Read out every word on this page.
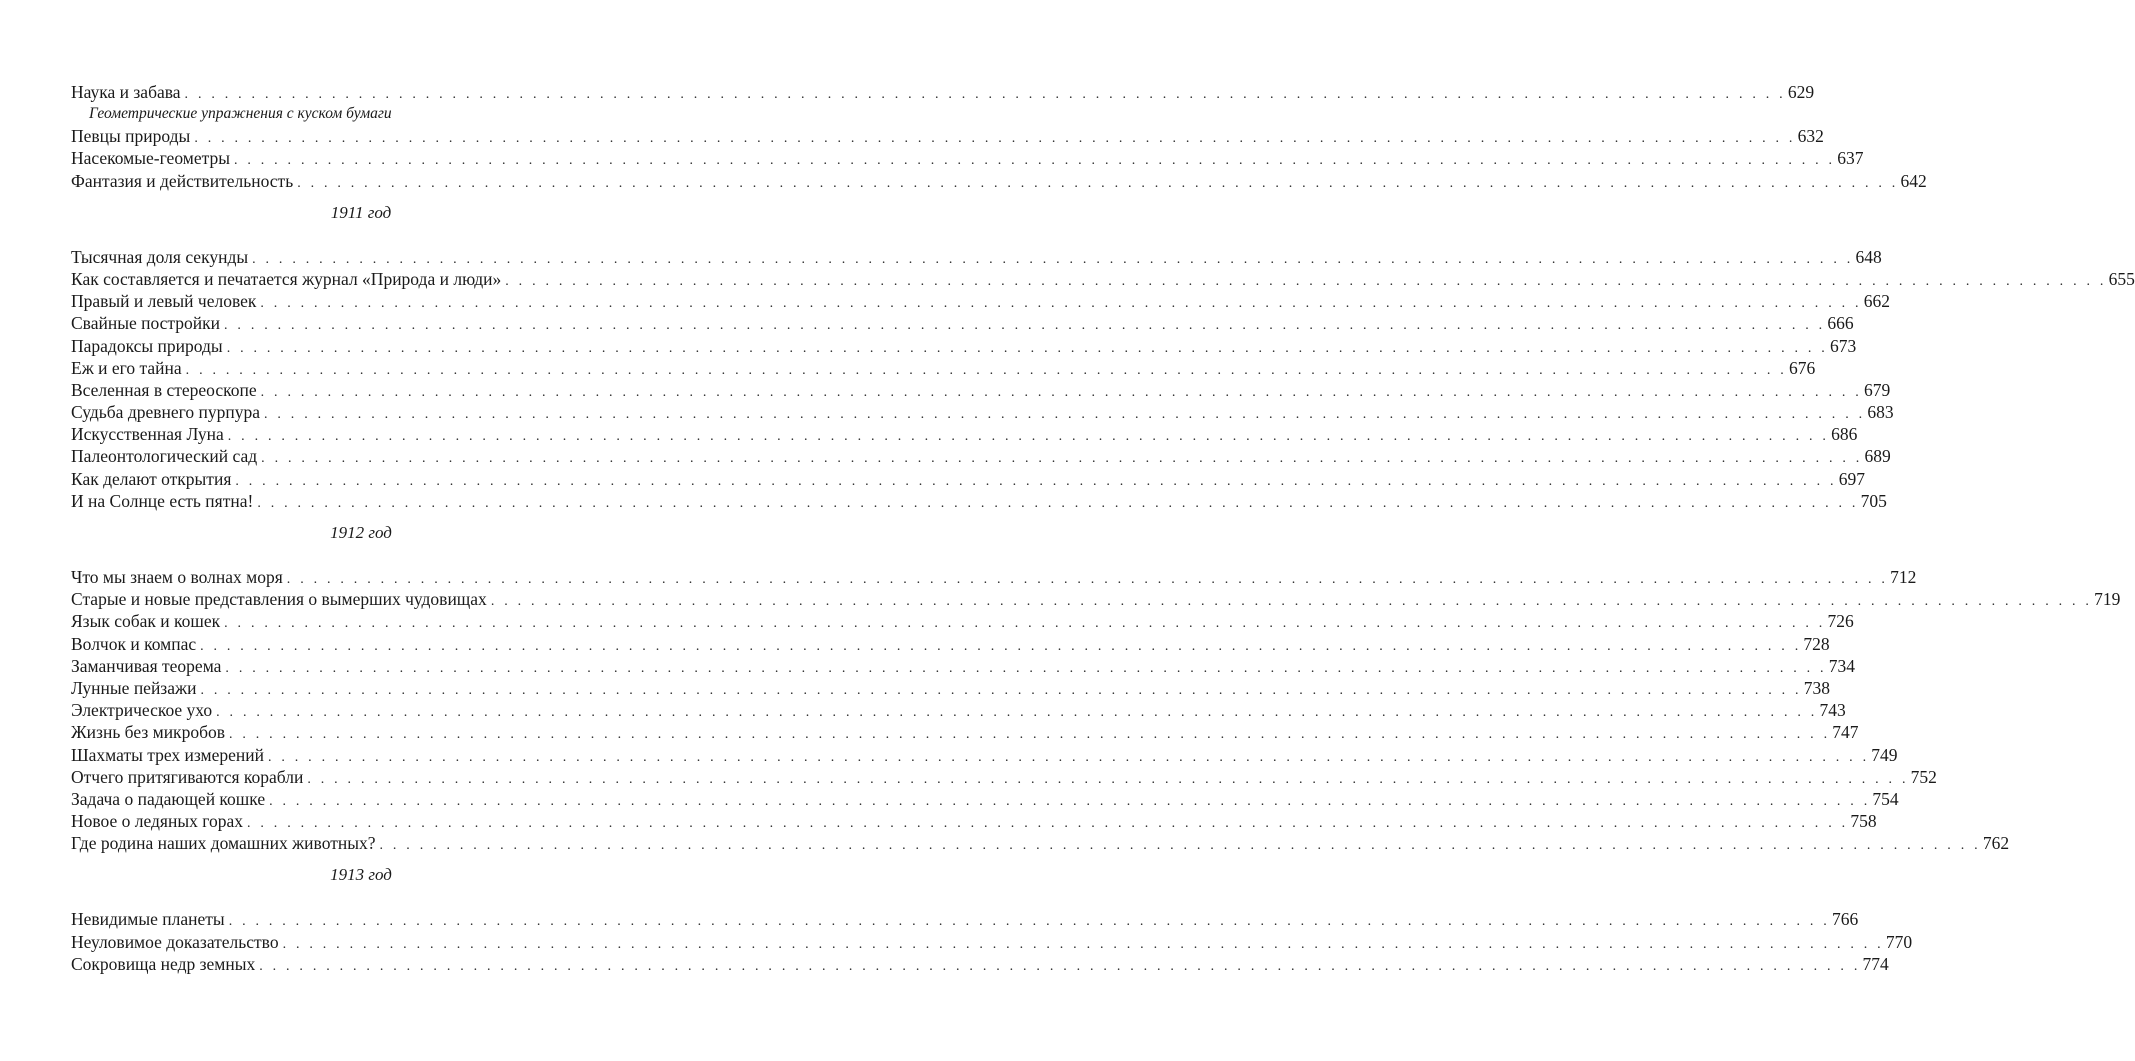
Наука и забава . . . . . . . . . . . . . . . . . . . . . . . . . . . . . . . . . . . . . . . . . . . . . . . . . . . . . . . . . . . . . . . . . . . . . . . . . . . . . . . . . . . . . . . . . . . . . . . . . . . . . . . . . . . . . . . . . . . . . . . . 629
Геометрические упражнения с куском бумаги
Певцы природы . . . . . . . . . . . . . . . . . . . . . . . . . . . . . . . . . . . . . . . . . . . . . . . . . . . . . . . . . . . . . . . . . . . . . . . . . . . . . . . . . . . . . . . . . . . . . . . . . . . . . . . . . . . . . . . . . . . . . . . . 632
Насекомые-геометры . . . . . . . . . . . . . . . . . . . . . . . . . . . . . . . . . . . . . . . . . . . . . . . . . . . . . . . . . . . . . . . . . . . . . . . . . . . . . . . . . . . . . . . . . . . . . . . . . . . . . . . . . . . . . . . . . . . . . . . . 637
Фантазия и действительность . . . . . . . . . . . . . . . . . . . . . . . . . . . . . . . . . . . . . . . . . . . . . . . . . . . . . . . . . . . . . . . . . . . . . . . . . . . . . . . . . . . . . . . . . . . . . . . . . . . . . . . . . . . . . . . . . . . . . . . . 642
1911 год
Тысячная доля секунды . . . . . . . . . . . . . . . . . . . . . . . . . . . . . . . . . . . . . . . . . . . . . . . . . . . . . . . . . . . . . . . . . . . . . . . . . . . . . . . . . . . . . . . . . . . . . . . . . . . . . . . . . . . . . . . . . . . . . . . . 648
Как составляется и печатается журнал «Природа и люди» . . . . . . . . . . . . . . . . . . . . . . . . . . . . . . . . . . . . . . . . . . . . . . . . . . . . . . . . . . . . . . . . . . . . . . . . . . . . . . . . . . . . . . . . . . . . . . . . . . . . . . . . . . . . . . . . . . . . . . . . 655
Правый и левый человек . . . . . . . . . . . . . . . . . . . . . . . . . . . . . . . . . . . . . . . . . . . . . . . . . . . . . . . . . . . . . . . . . . . . . . . . . . . . . . . . . . . . . . . . . . . . . . . . . . . . . . . . . . . . . . . . . . . . . . . . 662
Свайные постройки . . . . . . . . . . . . . . . . . . . . . . . . . . . . . . . . . . . . . . . . . . . . . . . . . . . . . . . . . . . . . . . . . . . . . . . . . . . . . . . . . . . . . . . . . . . . . . . . . . . . . . . . . . . . . . . . . . . . . . . . 666
Парадоксы природы . . . . . . . . . . . . . . . . . . . . . . . . . . . . . . . . . . . . . . . . . . . . . . . . . . . . . . . . . . . . . . . . . . . . . . . . . . . . . . . . . . . . . . . . . . . . . . . . . . . . . . . . . . . . . . . . . . . . . . . . 673
Еж и его тайна . . . . . . . . . . . . . . . . . . . . . . . . . . . . . . . . . . . . . . . . . . . . . . . . . . . . . . . . . . . . . . . . . . . . . . . . . . . . . . . . . . . . . . . . . . . . . . . . . . . . . . . . . . . . . . . . . . . . . . . . 676
Вселенная в стереоскопе . . . . . . . . . . . . . . . . . . . . . . . . . . . . . . . . . . . . . . . . . . . . . . . . . . . . . . . . . . . . . . . . . . . . . . . . . . . . . . . . . . . . . . . . . . . . . . . . . . . . . . . . . . . . . . . . . . . . . . . . 679
Судьба древнего пурпура . . . . . . . . . . . . . . . . . . . . . . . . . . . . . . . . . . . . . . . . . . . . . . . . . . . . . . . . . . . . . . . . . . . . . . . . . . . . . . . . . . . . . . . . . . . . . . . . . . . . . . . . . . . . . . . . . . . . . . . . 683
Искусственная Луна . . . . . . . . . . . . . . . . . . . . . . . . . . . . . . . . . . . . . . . . . . . . . . . . . . . . . . . . . . . . . . . . . . . . . . . . . . . . . . . . . . . . . . . . . . . . . . . . . . . . . . . . . . . . . . . . . . . . . . . . 686
Палеонтологический сад . . . . . . . . . . . . . . . . . . . . . . . . . . . . . . . . . . . . . . . . . . . . . . . . . . . . . . . . . . . . . . . . . . . . . . . . . . . . . . . . . . . . . . . . . . . . . . . . . . . . . . . . . . . . . . . . . . . . . . . . 689
Как делают открытия . . . . . . . . . . . . . . . . . . . . . . . . . . . . . . . . . . . . . . . . . . . . . . . . . . . . . . . . . . . . . . . . . . . . . . . . . . . . . . . . . . . . . . . . . . . . . . . . . . . . . . . . . . . . . . . . . . . . . . . . 697
И на Солнце есть пятна! . . . . . . . . . . . . . . . . . . . . . . . . . . . . . . . . . . . . . . . . . . . . . . . . . . . . . . . . . . . . . . . . . . . . . . . . . . . . . . . . . . . . . . . . . . . . . . . . . . . . . . . . . . . . . . . . . . . . . . . . 705
1912 год
Что мы знаем о волнах моря . . . . . . . . . . . . . . . . . . . . . . . . . . . . . . . . . . . . . . . . . . . . . . . . . . . . . . . . . . . . . . . . . . . . . . . . . . . . . . . . . . . . . . . . . . . . . . . . . . . . . . . . . . . . . . . . . . . . . . . . 712
Старые и новые представления о вымерших чудовищах . . . . . . . . . . . . . . . . . . . . . . . . . . . . . . . . . . . . . . . . . . . . . . . . . . . . . . . . . . . . . . . . . . . . . . . . . . . . . . . . . . . . . . . . . . . . . . . . . . . . . . . . . . . . . . . . . . . . . . . . 719
Язык собак и кошек . . . . . . . . . . . . . . . . . . . . . . . . . . . . . . . . . . . . . . . . . . . . . . . . . . . . . . . . . . . . . . . . . . . . . . . . . . . . . . . . . . . . . . . . . . . . . . . . . . . . . . . . . . . . . . . . . . . . . . . . 726
Волчок и компас . . . . . . . . . . . . . . . . . . . . . . . . . . . . . . . . . . . . . . . . . . . . . . . . . . . . . . . . . . . . . . . . . . . . . . . . . . . . . . . . . . . . . . . . . . . . . . . . . . . . . . . . . . . . . . . . . . . . . . . . 728
Заманчивая теорема . . . . . . . . . . . . . . . . . . . . . . . . . . . . . . . . . . . . . . . . . . . . . . . . . . . . . . . . . . . . . . . . . . . . . . . . . . . . . . . . . . . . . . . . . . . . . . . . . . . . . . . . . . . . . . . . . . . . . . . . 734
Лунные пейзажи . . . . . . . . . . . . . . . . . . . . . . . . . . . . . . . . . . . . . . . . . . . . . . . . . . . . . . . . . . . . . . . . . . . . . . . . . . . . . . . . . . . . . . . . . . . . . . . . . . . . . . . . . . . . . . . . . . . . . . . . 738
Электрическое ухо . . . . . . . . . . . . . . . . . . . . . . . . . . . . . . . . . . . . . . . . . . . . . . . . . . . . . . . . . . . . . . . . . . . . . . . . . . . . . . . . . . . . . . . . . . . . . . . . . . . . . . . . . . . . . . . . . . . . . . . . 743
Жизнь без микробов . . . . . . . . . . . . . . . . . . . . . . . . . . . . . . . . . . . . . . . . . . . . . . . . . . . . . . . . . . . . . . . . . . . . . . . . . . . . . . . . . . . . . . . . . . . . . . . . . . . . . . . . . . . . . . . . . . . . . . . . 747
Шахматы трех измерений . . . . . . . . . . . . . . . . . . . . . . . . . . . . . . . . . . . . . . . . . . . . . . . . . . . . . . . . . . . . . . . . . . . . . . . . . . . . . . . . . . . . . . . . . . . . . . . . . . . . . . . . . . . . . . . . . . . . . . . . 749
Отчего притягиваются корабли . . . . . . . . . . . . . . . . . . . . . . . . . . . . . . . . . . . . . . . . . . . . . . . . . . . . . . . . . . . . . . . . . . . . . . . . . . . . . . . . . . . . . . . . . . . . . . . . . . . . . . . . . . . . . . . . . . . . . . . . 752
Задача о падающей кошке . . . . . . . . . . . . . . . . . . . . . . . . . . . . . . . . . . . . . . . . . . . . . . . . . . . . . . . . . . . . . . . . . . . . . . . . . . . . . . . . . . . . . . . . . . . . . . . . . . . . . . . . . . . . . . . . . . . . . . . . 754
Новое о ледяных горах . . . . . . . . . . . . . . . . . . . . . . . . . . . . . . . . . . . . . . . . . . . . . . . . . . . . . . . . . . . . . . . . . . . . . . . . . . . . . . . . . . . . . . . . . . . . . . . . . . . . . . . . . . . . . . . . . . . . . . . . 758
Где родина наших домашних животных? . . . . . . . . . . . . . . . . . . . . . . . . . . . . . . . . . . . . . . . . . . . . . . . . . . . . . . . . . . . . . . . . . . . . . . . . . . . . . . . . . . . . . . . . . . . . . . . . . . . . . . . . . . . . . . . . . . . . . . . . 762
1913 год
Невидимые планеты . . . . . . . . . . . . . . . . . . . . . . . . . . . . . . . . . . . . . . . . . . . . . . . . . . . . . . . . . . . . . . . . . . . . . . . . . . . . . . . . . . . . . . . . . . . . . . . . . . . . . . . . . . . . . . . . . . . . . . . . 766
Неуловимое доказательство . . . . . . . . . . . . . . . . . . . . . . . . . . . . . . . . . . . . . . . . . . . . . . . . . . . . . . . . . . . . . . . . . . . . . . . . . . . . . . . . . . . . . . . . . . . . . . . . . . . . . . . . . . . . . . . . . . . . . . . . 770
Сокровища недр земных . . . . . . . . . . . . . . . . . . . . . . . . . . . . . . . . . . . . . . . . . . . . . . . . . . . . . . . . . . . . . . . . . . . . . . . . . . . . . . . . . . . . . . . . . . . . . . . . . . . . . . . . . . . . . . . . . . . . . . . . 774
